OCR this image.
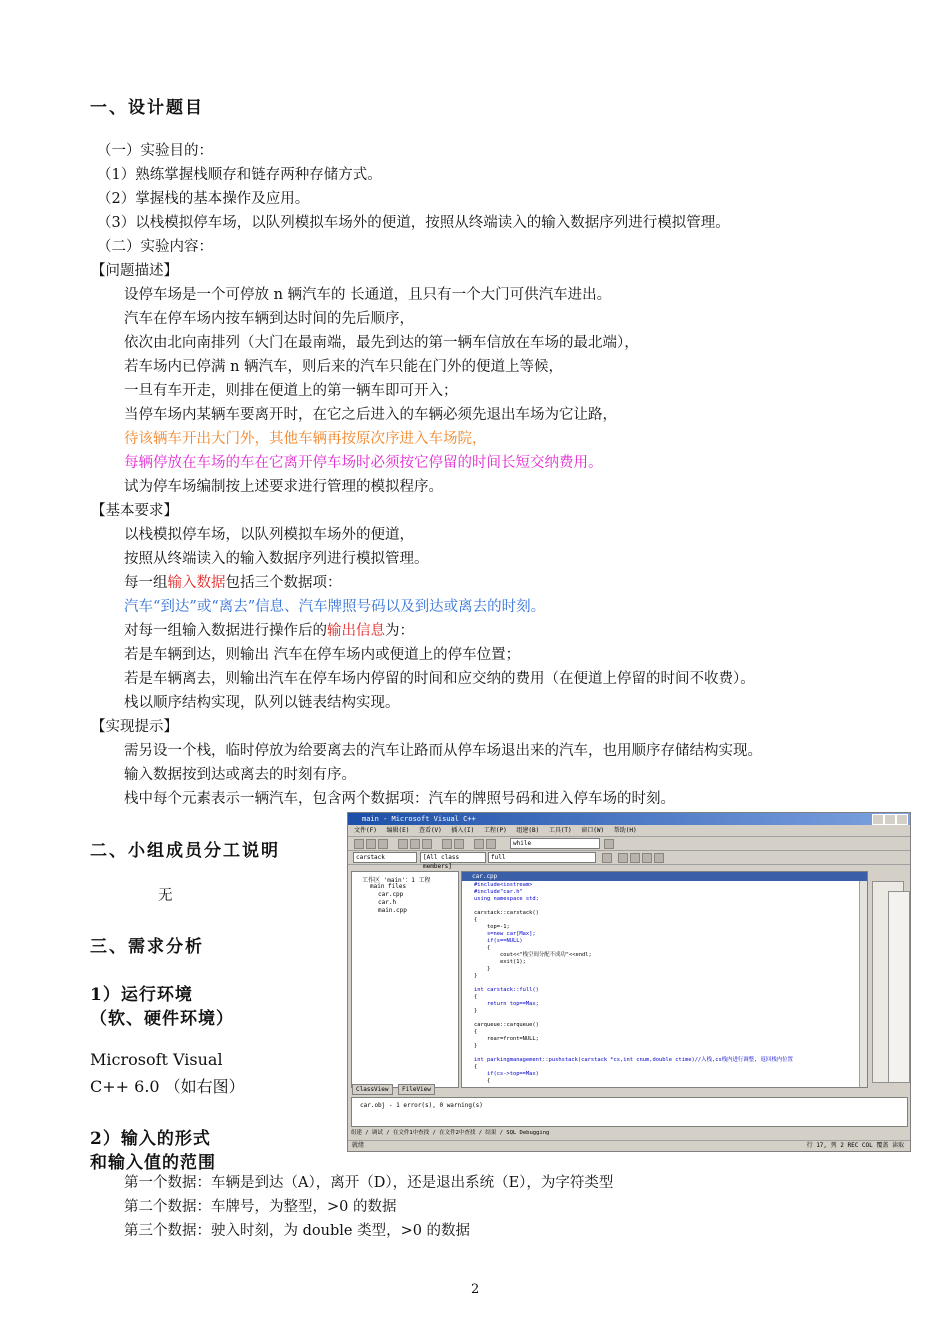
一、设计题目
（一）实验目的：
（1）熟练掌握栈顺存和链存两种存储方式。
（2）掌握栈的基本操作及应用。
（3）以栈模拟停车场，以队列模拟车场外的便道，按照从终端读入的输入数据序列进行模拟管理。
（二）实验内容：
【问题描述】
设停车场是一个可停放 n 辆汽车的 长通道，且只有一个大门可供汽车进出。
汽车在停车场内按车辆到达时间的先后顺序，
依次由北向南排列（大门在最南端，最先到达的第一辆车信放在车场的最北端），
若车场内已停满 n 辆汽车，则后来的汽车只能在门外的便道上等候，
一旦有车开走，则排在便道上的第一辆车即可开入；
当停车场内某辆车要离开时，在它之后进入的车辆必须先退出车场为它让路，
待该辆车开出大门外，其他车辆再按原次序进入车场院，
每辆停放在车场的车在它离开停车场时必须按它停留的时间长短交纳费用。
试为停车场编制按上述要求进行管理的模拟程序。
【基本要求】
以栈模拟停车场，以队列模拟车场外的便道，
按照从终端读入的输入数据序列进行模拟管理。
每一组输入数据包括三个数据项：
汽车“到达”或“离去”信息、汽车牌照号码以及到达或离去的时刻。
对每一组输入数据进行操作后的输出信息为：
若是车辆到达，则输出 汽车在停车场内或便道上的停车位置；
若是车辆离去，则输出汽车在停车场内停留的时间和应交纳的费用（在便道上停留的时间不收费）。
栈以顺序结构实现，队列以链表结构实现。
【实现提示】
需另设一个栈，临时停放为给要离去的汽车让路而从停车场退出来的汽车，也用顺序存储结构实现。
输入数据按到达或离去的时刻有序。
栈中每个元素表示一辆汽车，包含两个数据项：汽车的牌照号码和进入停车场的时刻。
二、小组成员分工说明
无
三、需求分析
1）运行环境
（软、硬件环境）
Microsoft Visual
C++ 6.0 （如右图）
2）输入的形式
和输入值的范围
第一个数据：车辆是到达（A），离开（D），还是退出系统（E），为字符类型
第二个数据：车牌号，为整型，>0 的数据
第三个数据：驶入时刻，为 double 类型，>0 的数据
main - Microsoft Visual C++
文件(F) 编辑(E) 查看(V) 插入(I) 工程(P) 组建(B) 工具(T) 窗口(W) 帮助(H)
while
carstack	[All class members]
full
工作区 'main'：1 工程
main files
car.cpp
car.h
main.cpp
ClassView	FileView
car.cpp
#include<iostream>
#include"car.h"
using namespace std;

carstack::carstack()
{
top=-1;
s=new car[Max];
if(s==NULL)
{
cout<<"栈空间分配不成功"<<endl;
exit(1);
}
}

int carstack::full()
{
return top==Max;
}

carqueue::carqueue()
{
rear=front=NULL;
}

int parkingmanagement::pushstack(carstack *cs,int cnum,double ctime)//入栈,cs栈内进行调整, 返回栈内位置
{
if(cs->top==Max)
{
car.obj - 1 error(s), 0 warning(s)
组建 / 调试 / 在文件1中查找 / 在文件2中查找 / 结果 / SQL Debugging
就绪	行 17, 列 2 REC COL 覆盖 读取
2
